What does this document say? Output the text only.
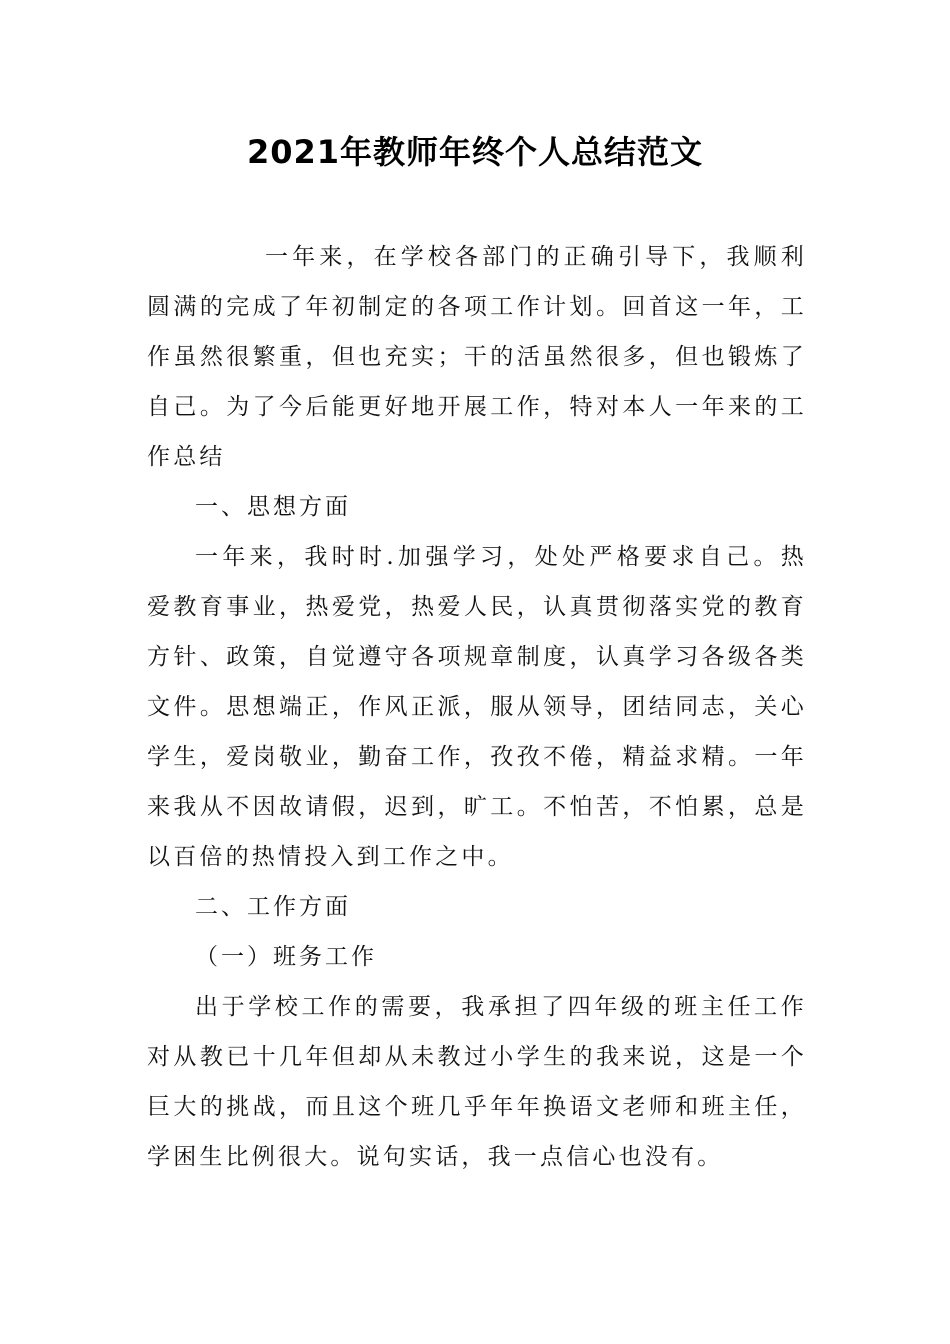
2021年教师年终个人总结范文

一年来，在学校各部门的正确引导下，我顺利圆满的完成了年初制定的各项工作计划。回首这一年，工作虽然很繁重，但也充实；干的活虽然很多，但也锻炼了自己。为了今后能更好地开展工作，特对本人一年来的工作总结

一、思想方面

一年来，我时时.加强学习，处处严格要求自己。热爱教育事业，热爱党，热爱人民，认真贯彻落实党的教育方针、政策，自觉遵守各项规章制度，认真学习各级各类文件。思想端正，作风正派，服从领导，团结同志，关心学生，爱岗敬业，勤奋工作，孜孜不倦，精益求精。一年来我从不因故请假，迟到，旷工。不怕苦，不怕累，总是以百倍的热情投入到工作之中。

二、工作方面

（一）班务工作

出于学校工作的需要，我承担了四年级的班主任工作对从教已十几年但却从未教过小学生的我来说，这是一个巨大的挑战，而且这个班几乎年年换语文老师和班主任，学困生比例很大。说句实话，我一点信心也没有。
